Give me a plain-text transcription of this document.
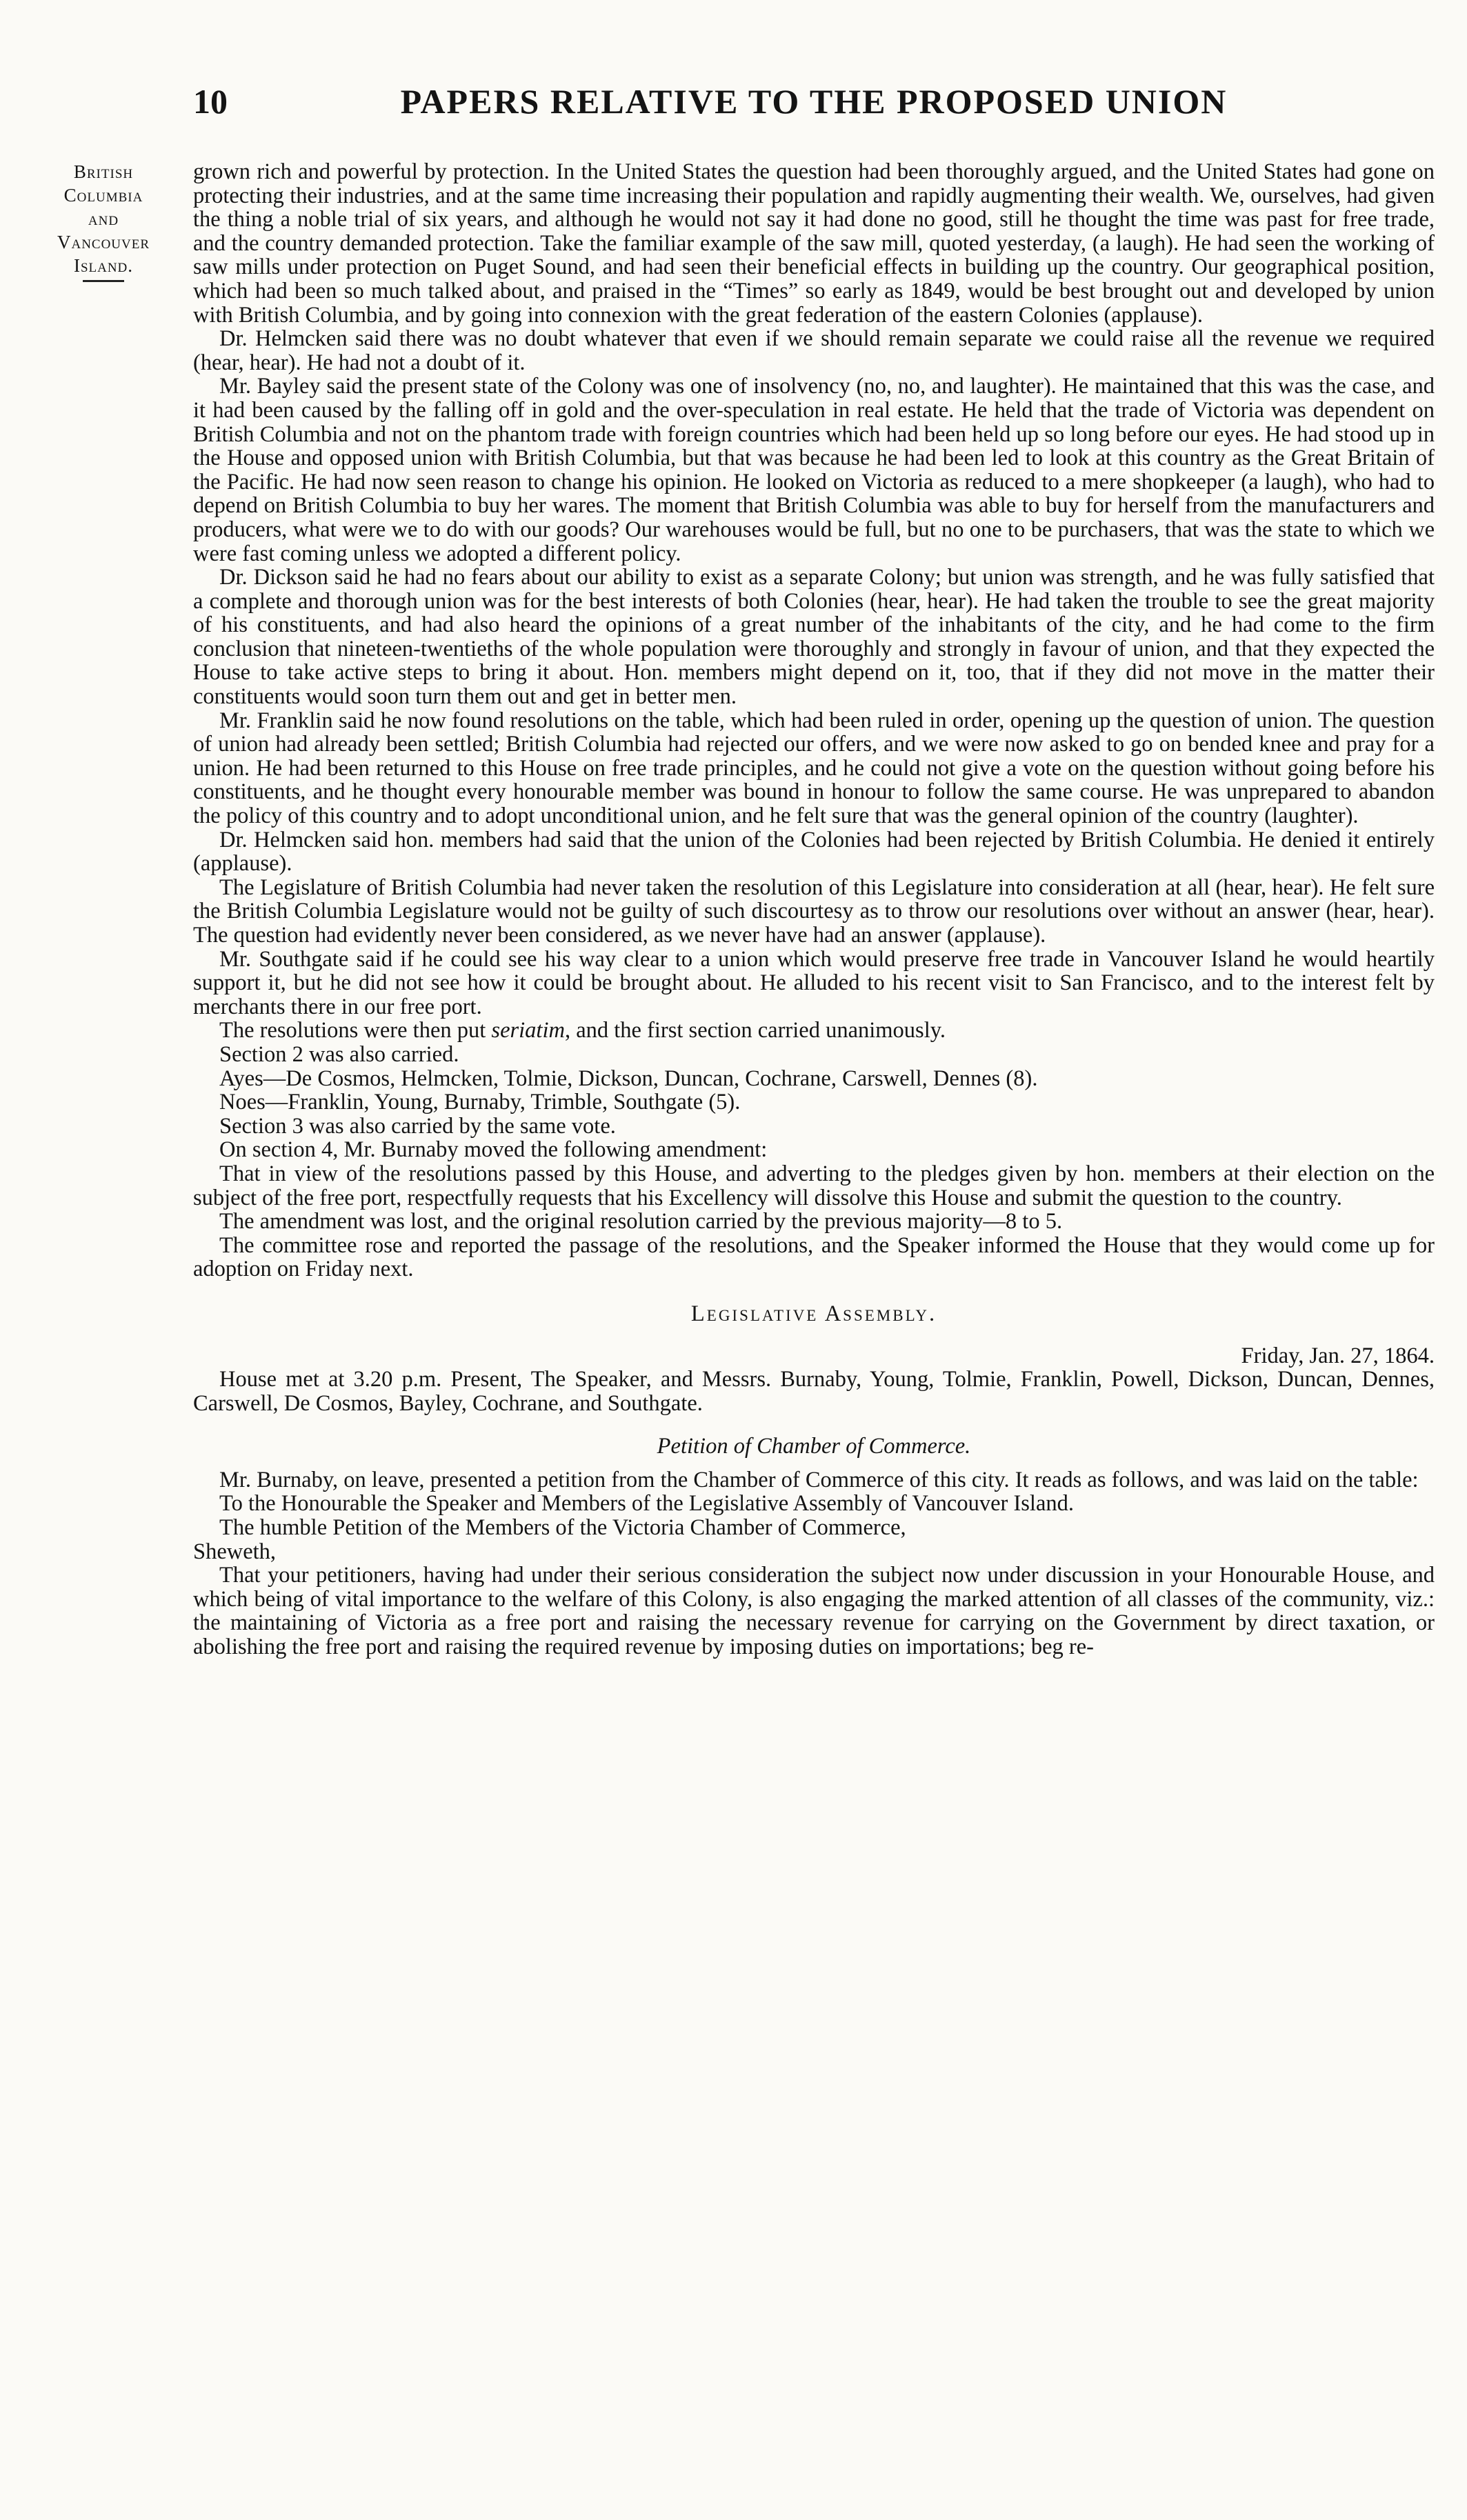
10	PAPERS RELATIVE TO THE PROPOSED UNION
British
Columbia
and
Vancouver
Island.

grown rich and powerful by protection. In the United States the question had been thoroughly argued, and the United States had gone on protecting their industries, and at the same time increasing their population and rapidly augmenting their wealth. We, ourselves, had given the thing a noble trial of six years, and although he would not say it had done no good, still he thought the time was past for free trade, and the country demanded protection. Take the familiar example of the saw mill, quoted yesterday, (a laugh). He had seen the working of saw mills under protection on Puget Sound, and had seen their beneficial effects in building up the country. Our geographical position, which had been so much talked about, and praised in the “Times” so early as 1849, would be best brought out and developed by union with British Columbia, and by going into connexion with the great federation of the eastern Colonies (applause).

Dr. Helmcken said there was no doubt whatever that even if we should remain separate we could raise all the revenue we required (hear, hear). He had not a doubt of it.

Mr. Bayley said the present state of the Colony was one of insolvency (no, no, and laughter). He maintained that this was the case, and it had been caused by the falling off in gold and the over-speculation in real estate. He held that the trade of Victoria was dependent on British Columbia and not on the phantom trade with foreign countries which had been held up so long before our eyes. He had stood up in the House and opposed union with British Columbia, but that was because he had been led to look at this country as the Great Britain of the Pacific. He had now seen reason to change his opinion. He looked on Victoria as reduced to a mere shopkeeper (a laugh), who had to depend on British Columbia to buy her wares. The moment that British Columbia was able to buy for herself from the manufacturers and producers, what were we to do with our goods? Our warehouses would be full, but no one to be purchasers, that was the state to which we were fast coming unless we adopted a different policy.

Dr. Dickson said he had no fears about our ability to exist as a separate Colony; but union was strength, and he was fully satisfied that a complete and thorough union was for the best interests of both Colonies (hear, hear). He had taken the trouble to see the great majority of his constituents, and had also heard the opinions of a great number of the inhabitants of the city, and he had come to the firm conclusion that nineteen-twentieths of the whole population were thoroughly and strongly in favour of union, and that they expected the House to take active steps to bring it about. Hon. members might depend on it, too, that if they did not move in the matter their constituents would soon turn them out and get in better men.

Mr. Franklin said he now found resolutions on the table, which had been ruled in order, opening up the question of union. The question of union had already been settled; British Columbia had rejected our offers, and we were now asked to go on bended knee and pray for a union. He had been returned to this House on free trade principles, and he could not give a vote on the question without going before his constituents, and he thought every honourable member was bound in honour to follow the same course. He was unprepared to abandon the policy of this country and to adopt unconditional union, and he felt sure that was the general opinion of the country (laughter).

Dr. Helmcken said hon. members had said that the union of the Colonies had been rejected by British Columbia. He denied it entirely (applause).

The Legislature of British Columbia had never taken the resolution of this Legislature into consideration at all (hear, hear). He felt sure the British Columbia Legislature would not be guilty of such discourtesy as to throw our resolutions over without an answer (hear, hear). The question had evidently never been considered, as we never have had an answer (applause).

Mr. Southgate said if he could see his way clear to a union which would preserve free trade in Vancouver Island he would heartily support it, but he did not see how it could be brought about. He alluded to his recent visit to San Francisco, and to the interest felt by merchants there in our free port.

The resolutions were then put seriatim, and the first section carried unanimously.

Section 2 was also carried.

Ayes—De Cosmos, Helmcken, Tolmie, Dickson, Duncan, Cochrane, Carswell, Dennes (8).

Noes—Franklin, Young, Burnaby, Trimble, Southgate (5).

Section 3 was also carried by the same vote.

On section 4, Mr. Burnaby moved the following amendment:

That in view of the resolutions passed by this House, and adverting to the pledges given by hon. members at their election on the subject of the free port, respectfully requests that his Excellency will dissolve this House and submit the question to the country.

The amendment was lost, and the original resolution carried by the previous majority—8 to 5.

The committee rose and reported the passage of the resolutions, and the Speaker informed the House that they would come up for adoption on Friday next.

Legislative Assembly.

Friday, Jan. 27, 1864.

House met at 3.20 p.m. Present, The Speaker, and Messrs. Burnaby, Young, Tolmie, Franklin, Powell, Dickson, Duncan, Dennes, Carswell, De Cosmos, Bayley, Cochrane, and Southgate.

Petition of Chamber of Commerce.

Mr. Burnaby, on leave, presented a petition from the Chamber of Commerce of this city. It reads as follows, and was laid on the table:

To the Honourable the Speaker and Members of the Legislative Assembly of Vancouver Island.

The humble Petition of the Members of the Victoria Chamber of Commerce,

Sheweth,

That your petitioners, having had under their serious consideration the subject now under discussion in your Honourable House, and which being of vital importance to the welfare of this Colony, is also engaging the marked attention of all classes of the community, viz.: the maintaining of Victoria as a free port and raising the necessary revenue for carrying on the Government by direct taxation, or abolishing the free port and raising the required revenue by imposing duties on importations; beg re-
